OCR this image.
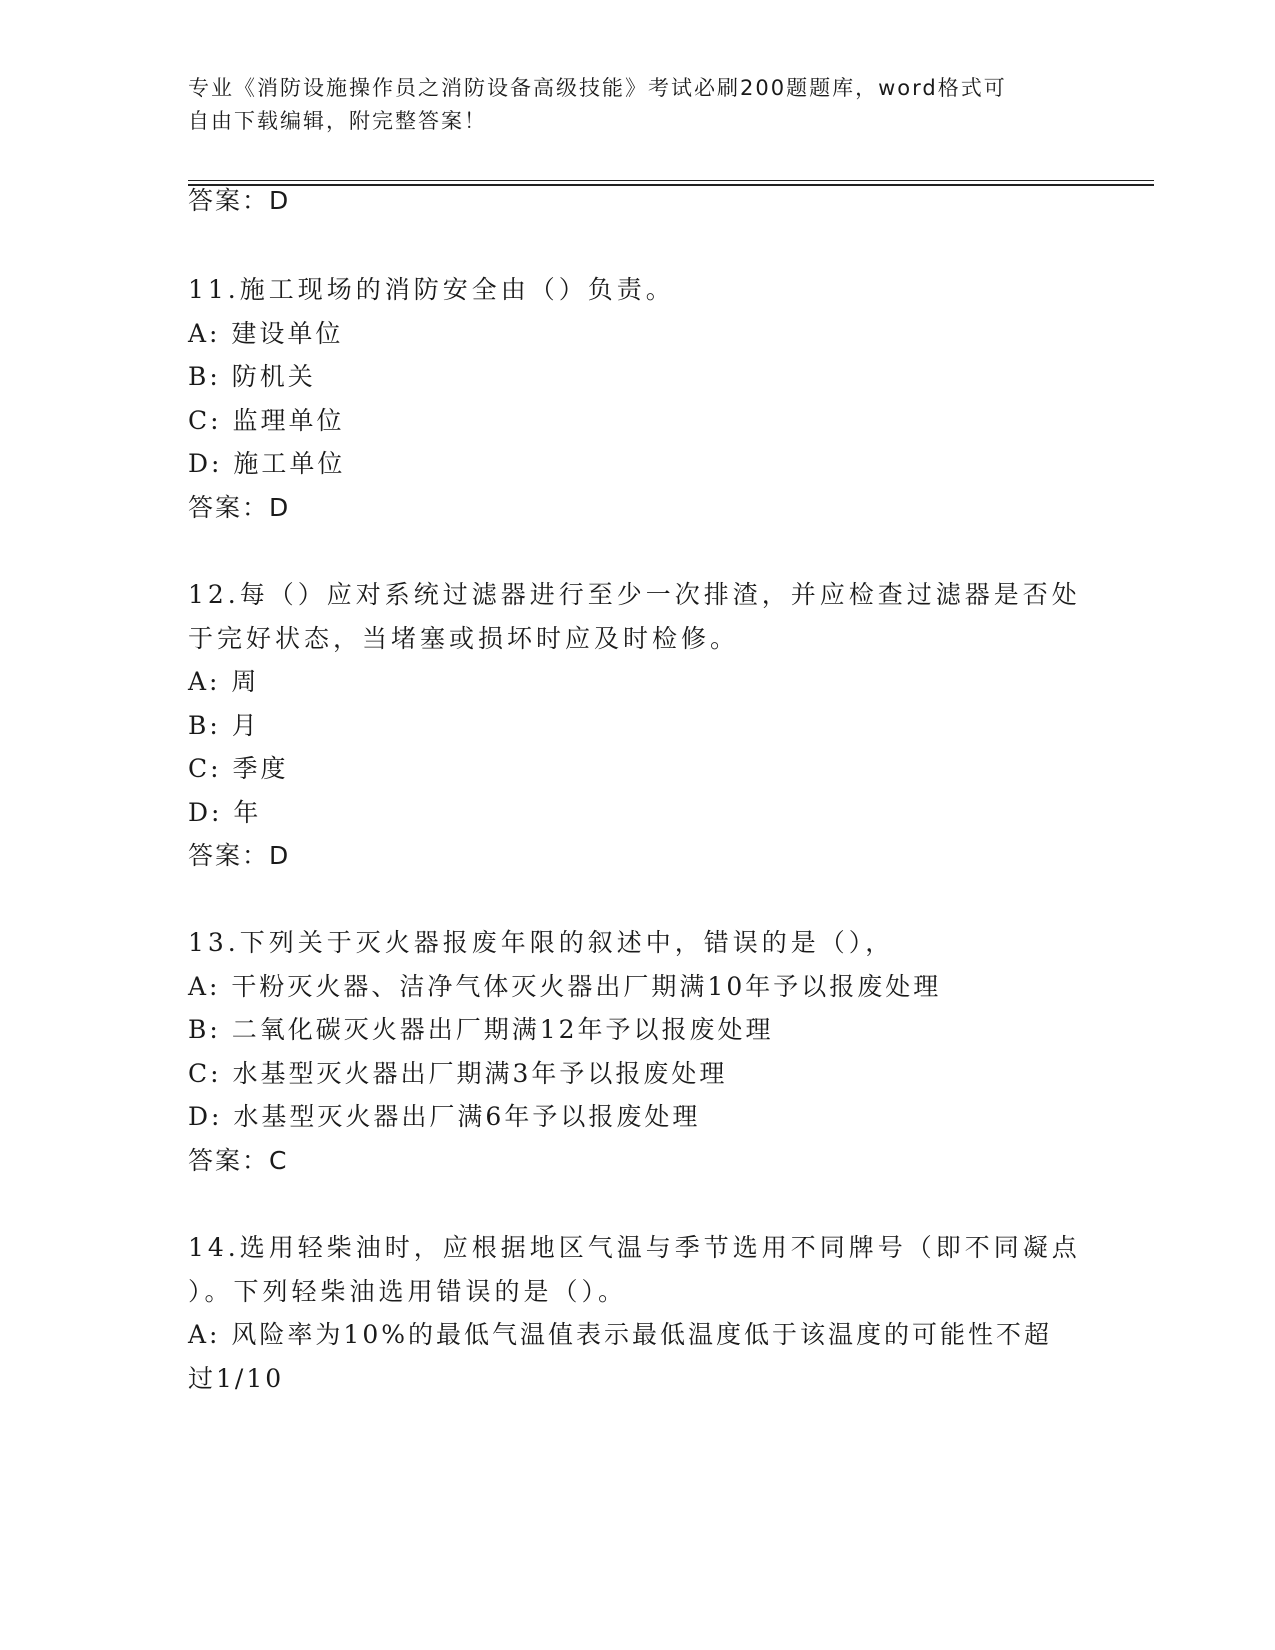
专业《消防设施操作员之消防设备高级技能》考试必刷200题题库，word格式可
自由下载编辑，附完整答案！
答案：D
11.施工现场的消防安全由（）负责。
A: 建设单位
B: 防机关
C: 监理单位
D: 施工单位
答案：D
12.每（）应对系统过滤器进行至少一次排渣，并应检查过滤器是否处
于完好状态，当堵塞或损坏时应及时检修。
A: 周
B: 月
C: 季度
D: 年
答案：D
13.下列关于灭火器报废年限的叙述中，错误的是（），
A: 干粉灭火器、洁净气体灭火器出厂期满10年予以报废处理
B: 二氧化碳灭火器出厂期满12年予以报废处理
C: 水基型灭火器出厂期满3年予以报废处理
D: 水基型灭火器出厂满6年予以报废处理
答案：C
14.选用轻柴油时，应根据地区气温与季节选用不同牌号（即不同凝点
）。下列轻柴油选用错误的是（）。
A: 风险率为10%的最低气温值表示最低温度低于该温度的可能性不超
过1/10
